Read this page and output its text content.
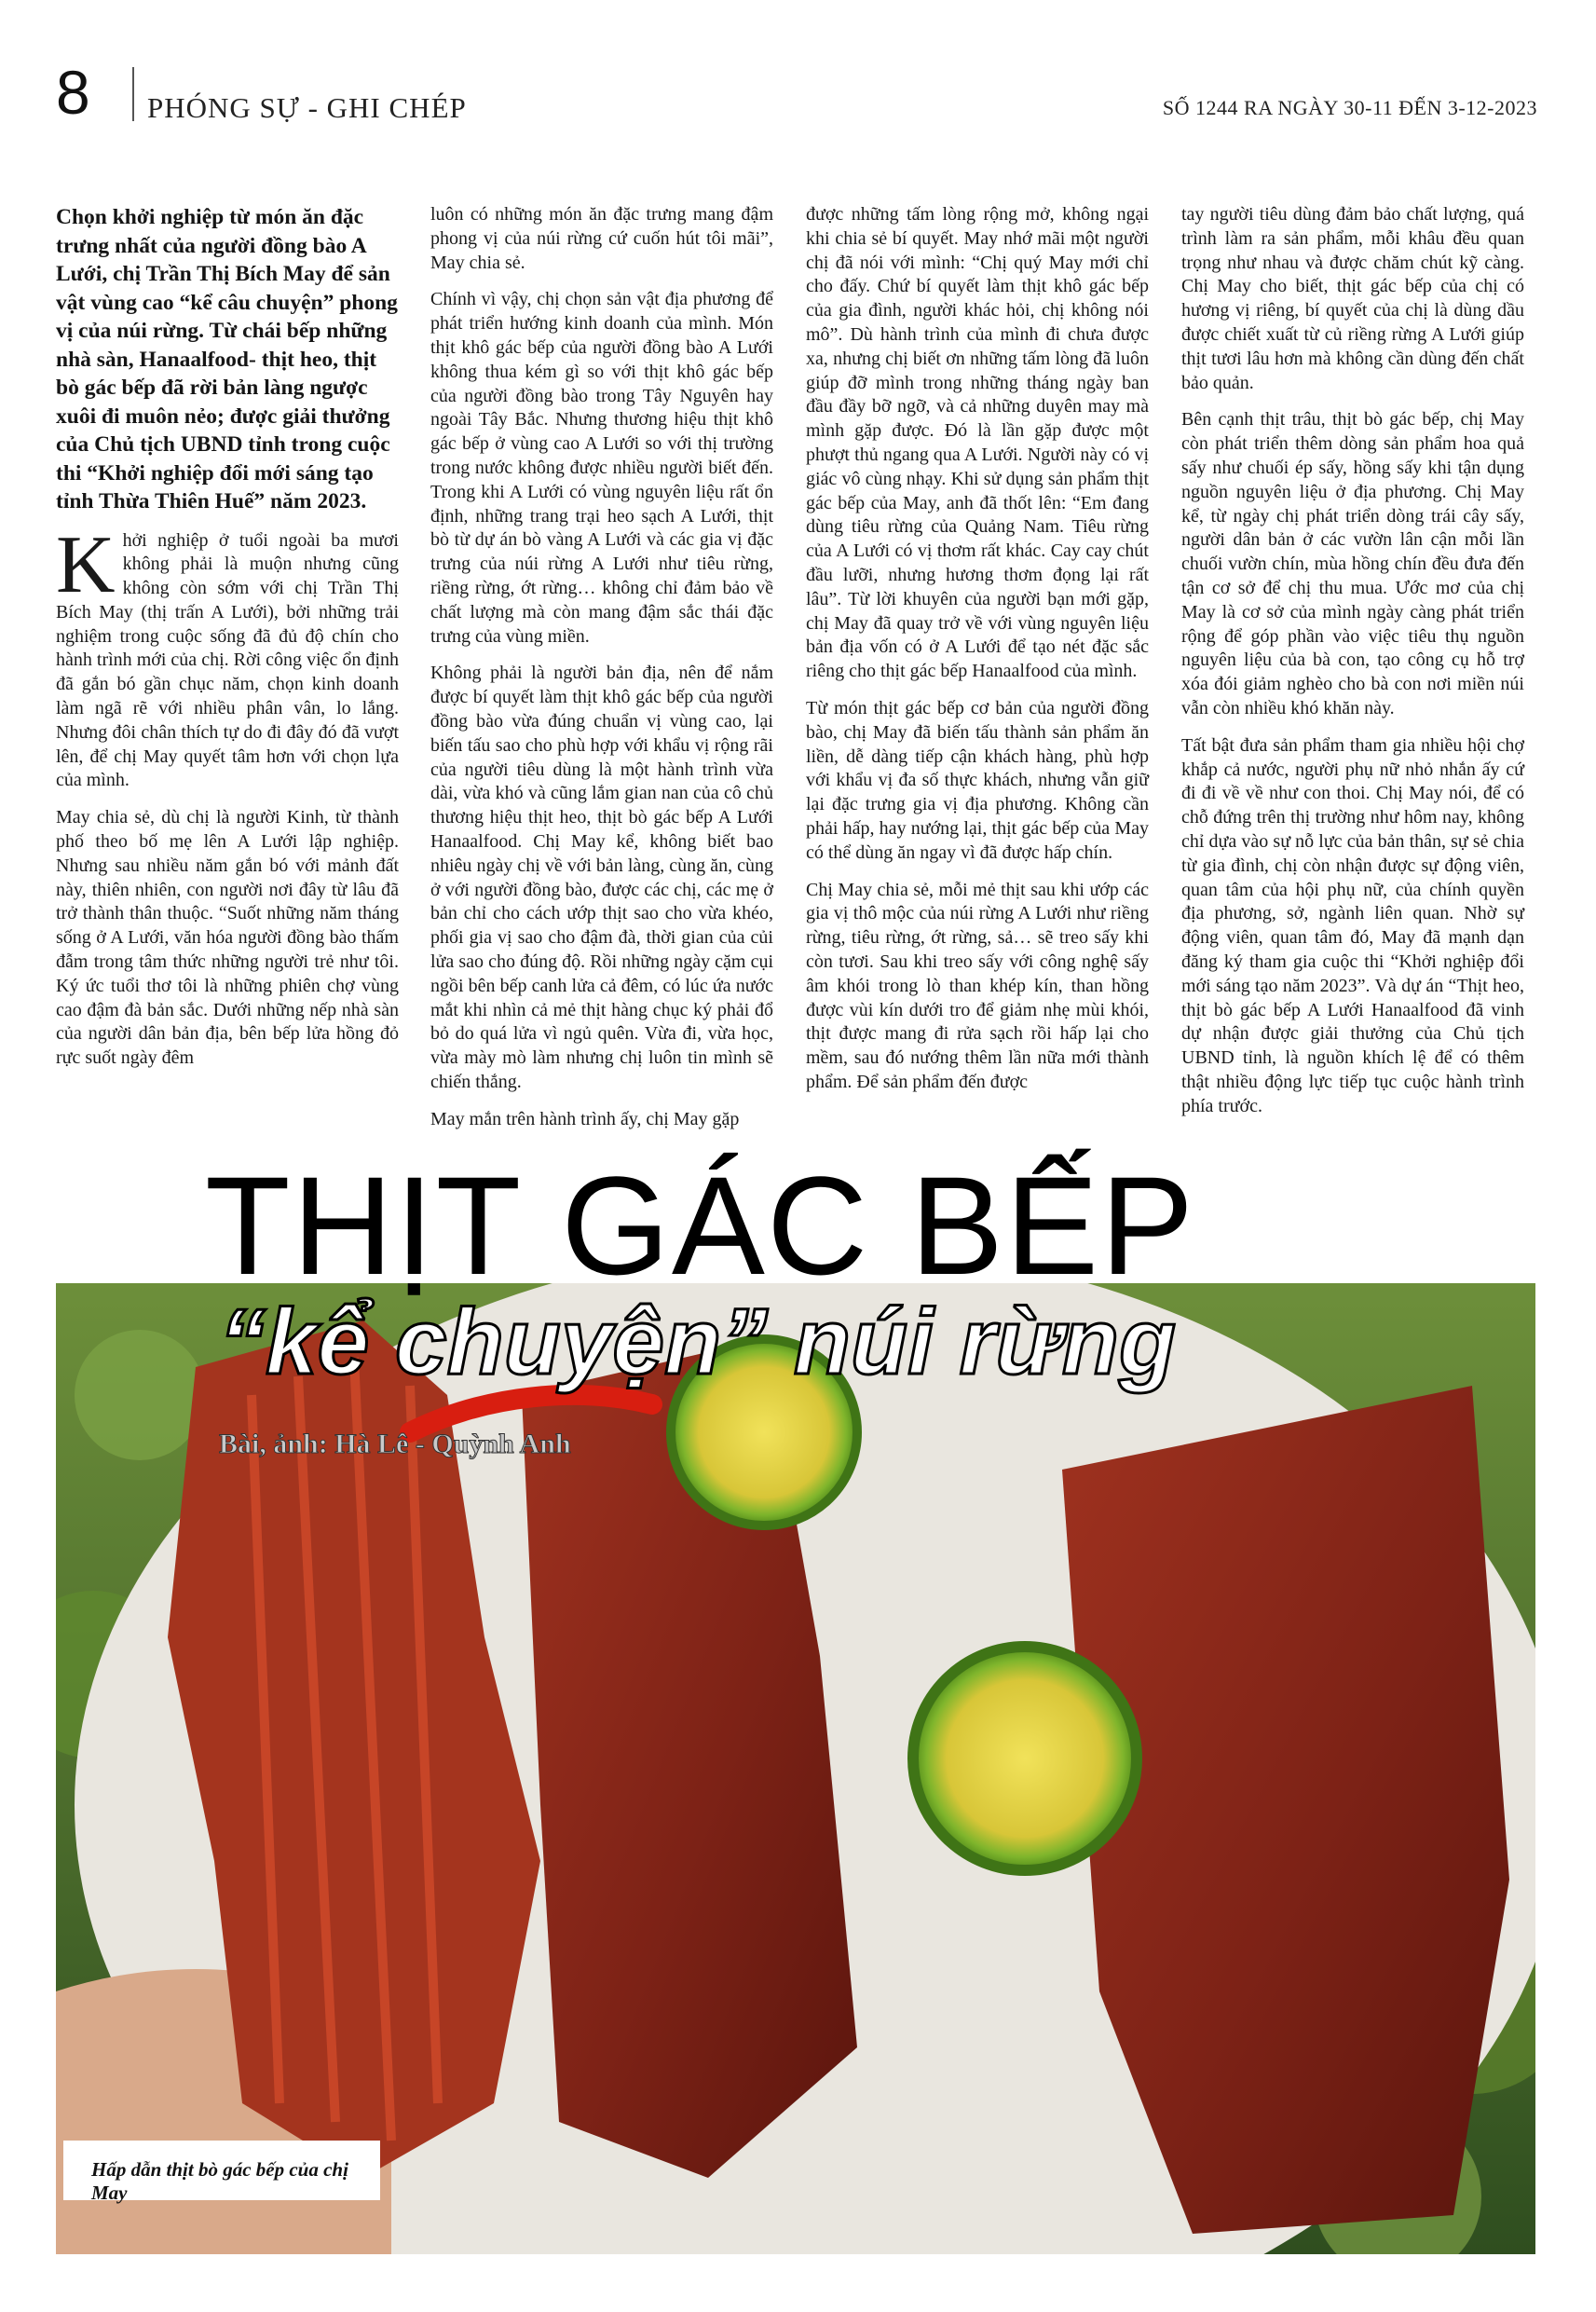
8 PHÓNG SỰ - GHI CHÉP	SỐ 1244 RA NGÀY 30-11 ĐẾN 3-12-2023

Chọn khởi nghiệp từ món ăn đặc trưng nhất của người đồng bào A Lưới, chị Trần Thị Bích May để sản vật vùng cao “kể câu chuyện” phong vị của núi rừng. Từ chái bếp những nhà sàn, Hanaalfood- thịt heo, thịt bò gác bếp đã rời bản làng ngược xuôi đi muôn nẻo; được giải thưởng của Chủ tịch UBND tỉnh trong cuộc thi “Khởi nghiệp đổi mới sáng tạo tỉnh Thừa Thiên Huế” năm 2023.

Khởi nghiệp ở tuổi ngoài ba mươi không phải là muộn nhưng cũng không còn sớm với chị Trần Thị Bích May (thị trấn A Lưới), bởi những trải nghiệm trong cuộc sống đã đủ độ chín cho hành trình mới của chị. Rời công việc ổn định đã gắn bó gần chục năm, chọn kinh doanh làm ngã rẽ với nhiều phân vân, lo lắng. Nhưng đôi chân thích tự do đi đây đó đã vượt lên, để chị May quyết tâm hơn với chọn lựa của mình.

May chia sẻ, dù chị là người Kinh, từ thành phố theo bố mẹ lên A Lưới lập nghiệp. Nhưng sau nhiều năm gắn bó với mảnh đất này, thiên nhiên, con người nơi đây từ lâu đã trở thành thân thuộc. “Suốt những năm tháng sống ở A Lưới, văn hóa người đồng bào thấm đẫm trong tâm thức những người trẻ như tôi. Ký ức tuổi thơ tôi là những phiên chợ vùng cao đậm đà bản sắc. Dưới những nếp nhà sàn của người dân bản địa, bên bếp lửa hồng đỏ rực suốt ngày đêm

luôn có những món ăn đặc trưng mang đậm phong vị của núi rừng cứ cuốn hút tôi mãi”, May chia sẻ.

Chính vì vậy, chị chọn sản vật địa phương để phát triển hướng kinh doanh của mình. Món thịt khô gác bếp của người đồng bào A Lưới không thua kém gì so với thịt khô gác bếp của người đồng bào trong Tây Nguyên hay ngoài Tây Bắc. Nhưng thương hiệu thịt khô gác bếp ở vùng cao A Lưới so với thị trường trong nước không được nhiều người biết đến. Trong khi A Lưới có vùng nguyên liệu rất ổn định, những trang trại heo sạch A Lưới, thịt bò từ dự án bò vàng A Lưới và các gia vị đặc trưng của núi rừng A Lưới như tiêu rừng, riềng rừng, ớt rừng… không chỉ đảm bảo về chất lượng mà còn mang đậm sắc thái đặc trưng của vùng miền.

Không phải là người bản địa, nên để nắm được bí quyết làm thịt khô gác bếp của người đồng bào vừa đúng chuẩn vị vùng cao, lại biến tấu sao cho phù hợp với khẩu vị rộng rãi của người tiêu dùng là một hành trình vừa dài, vừa khó và cũng lắm gian nan của cô chủ thương hiệu thịt heo, thịt bò gác bếp A Lưới Hanaalfood. Chị May kể, không biết bao nhiêu ngày chị về với bản làng, cùng ăn, cùng ở với người đồng bào, được các chị, các mẹ ở bản chỉ cho cách ướp thịt sao cho vừa khéo, phối gia vị sao cho đậm đà, thời gian của củi lửa sao cho đúng độ. Rồi những ngày cặm cụi ngồi bên bếp canh lửa cả đêm, có lúc ứa nước mắt khi nhìn cả mẻ thịt hàng chục ký phải đổ bỏ do quá lửa vì ngủ quên. Vừa đi, vừa học, vừa mày mò làm nhưng chị luôn tin mình sẽ chiến thắng.

May mắn trên hành trình ấy, chị May gặp

được những tấm lòng rộng mở, không ngại khi chia sẻ bí quyết. May nhớ mãi một người chị đã nói với mình: “Chị quý May mới chỉ cho đấy. Chứ bí quyết làm thịt khô gác bếp của gia đình, người khác hỏi, chị không nói mô”. Dù hành trình của mình đi chưa được xa, nhưng chị biết ơn những tấm lòng đã luôn giúp đỡ mình trong những tháng ngày ban đầu đầy bỡ ngỡ, và cả những duyên may mà mình gặp được. Đó là lần gặp được một phượt thủ ngang qua A Lưới. Người này có vị giác vô cùng nhạy. Khi sử dụng sản phẩm thịt gác bếp của May, anh đã thốt lên: “Em đang dùng tiêu rừng của Quảng Nam. Tiêu rừng của A Lưới có vị thơm rất khác. Cay cay chút đầu lưỡi, nhưng hương thơm đọng lại rất lâu”. Từ lời khuyên của người bạn mới gặp, chị May đã quay trở về với vùng nguyên liệu bản địa vốn có ở A Lưới để tạo nét đặc sắc riêng cho thịt gác bếp Hanaalfood của mình.

Từ món thịt gác bếp cơ bản của người đồng bào, chị May đã biến tấu thành sản phẩm ăn liền, dễ dàng tiếp cận khách hàng, phù hợp với khẩu vị đa số thực khách, nhưng vẫn giữ lại đặc trưng gia vị địa phương. Không cần phải hấp, hay nướng lại, thịt gác bếp của May có thể dùng ăn ngay vì đã được hấp chín.

Chị May chia sẻ, mỗi mẻ thịt sau khi ướp các gia vị thô mộc của núi rừng A Lưới như riềng rừng, tiêu rừng, ớt rừng, sả… sẽ treo sấy khi còn tươi. Sau khi treo sấy với công nghệ sấy âm khói trong lò than khép kín, than hồng được vùi kín dưới tro để giảm nhẹ mùi khói, thịt được mang đi rửa sạch rồi hấp lại cho mềm, sau đó nướng thêm lần nữa mới thành phẩm. Để sản phẩm đến được

tay người tiêu dùng đảm bảo chất lượng, quá trình làm ra sản phẩm, mỗi khâu đều quan trọng như nhau và được chăm chút kỹ càng. Chị May cho biết, thịt gác bếp của chị có hương vị riêng, bí quyết của chị là dùng dầu được chiết xuất từ củ riềng rừng A Lưới giúp thịt tươi lâu hơn mà không cần dùng đến chất bảo quản.

Bên cạnh thịt trâu, thịt bò gác bếp, chị May còn phát triển thêm dòng sản phẩm hoa quả sấy như chuối ép sấy, hồng sấy khi tận dụng nguồn nguyên liệu ở địa phương. Chị May kể, từ ngày chị phát triển dòng trái cây sấy, người dân bản ở các vườn lân cận mỗi lần chuối vườn chín, mùa hồng chín đều đưa đến tận cơ sở để chị thu mua. Ước mơ của chị May là cơ sở của mình ngày càng phát triển rộng để góp phần vào việc tiêu thụ nguồn nguyên liệu của bà con, tạo công cụ hỗ trợ xóa đói giảm nghèo cho bà con nơi miền núi vẫn còn nhiều khó khăn này.

Tất bật đưa sản phẩm tham gia nhiều hội chợ khắp cả nước, người phụ nữ nhỏ nhắn ấy cứ đi đi về về như con thoi. Chị May nói, để có chỗ đứng trên thị trường như hôm nay, không chỉ dựa vào sự nỗ lực của bản thân, sự sẻ chia từ gia đình, chị còn nhận được sự động viên, quan tâm của hội phụ nữ, của chính quyền địa phương, sở, ngành liên quan. Nhờ sự động viên, quan tâm đó, May đã mạnh dạn đăng ký tham gia cuộc thi “Khởi nghiệp đổi mới sáng tạo năm 2023”. Và dự án “Thịt heo, thịt bò gác bếp A Lưới Hanaalfood đã vinh dự nhận được giải thưởng của Chủ tịch UBND tỉnh, là nguồn khích lệ để có thêm thật nhiều động lực tiếp tục cuộc hành trình phía trước.

THỊT GÁC BẾP
“kể chuyện” núi rừng
Bài, ảnh: Hà Lê - Quỳnh Anh
Hấp dẫn thịt bò gác bếp của chị May
